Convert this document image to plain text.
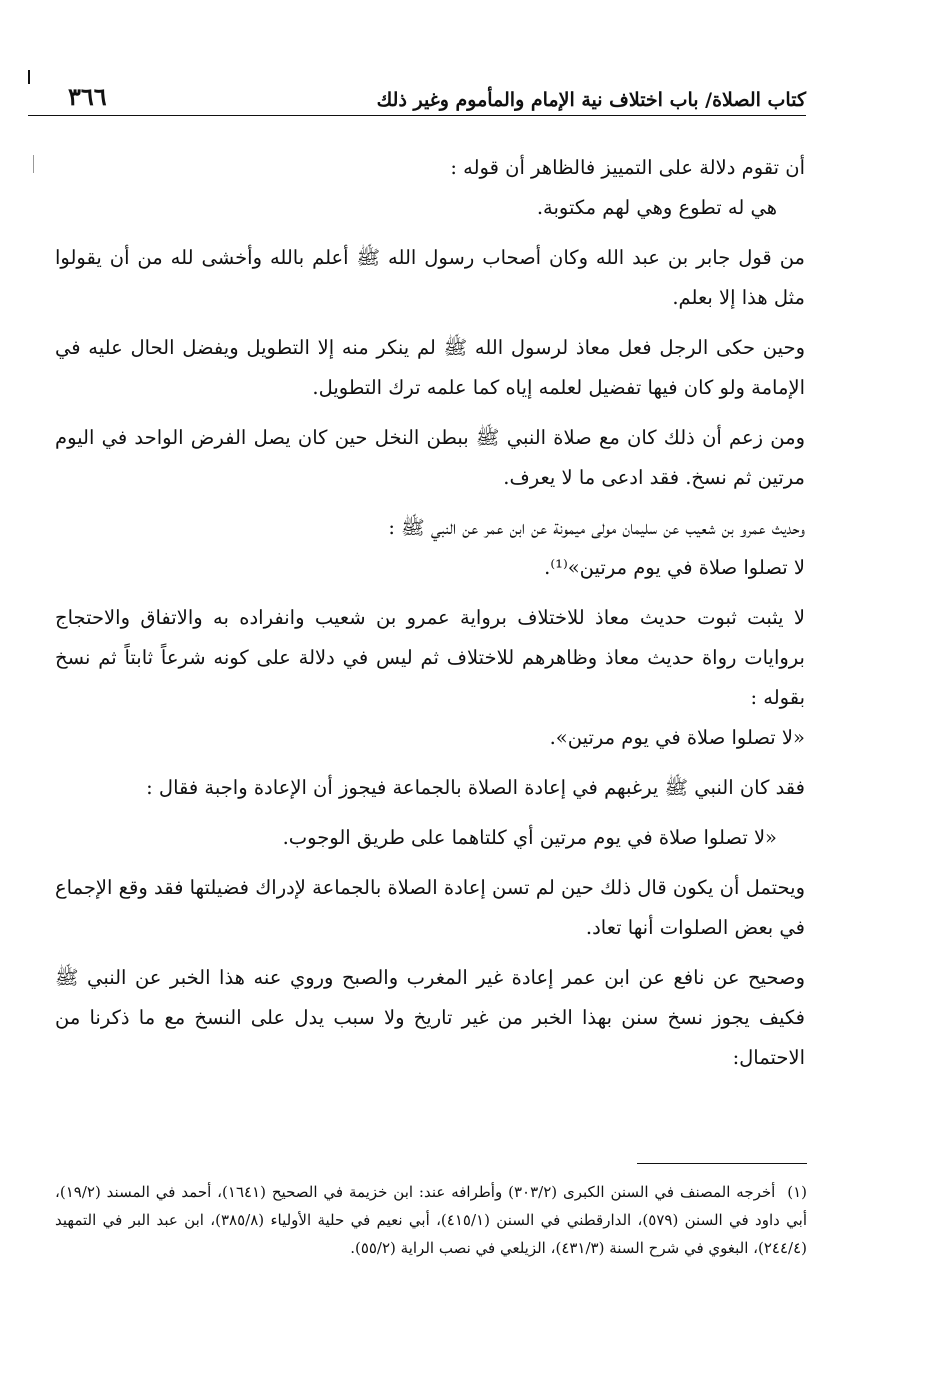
كتاب الصلاة/ باب اختلاف نية الإمام والمأموم وغير ذلك
٣٦٦

أن تقوم دلالة على التمييز فالظاهر أن قوله :

هي له تطوع وهي لهم مكتوبة.

من قول جابر بن عبد الله وكان أصحاب رسول الله ﷺ أعلم بالله وأخشى لله من أن يقولوا مثل هذا إلا بعلم.

وحين حكى الرجل فعل معاذ لرسول الله ﷺ لم ينكر منه إلا التطويل ويفضل الحال عليه في الإمامة ولو كان فيها تفضيل لعلمه إياه كما علمه ترك التطويل.

ومن زعم أن ذلك كان مع صلاة النبي ﷺ ببطن النخل حين كان يصل الفرض الواحد في اليوم مرتين ثم نسخ. فقد ادعى ما لا يعرف.

وحديث عمرو بن شعيب عن سليمان مولى ميمونة عن ابن عمر عن النبي ﷺ :

لا تصلوا صلاة في يوم مرتين»⁽¹⁾.

لا يثبت ثبوت حديث معاذ للاختلاف برواية عمرو بن شعيب وانفراده به والاتفاق والاحتجاج بروايات رواة حديث معاذ وظاهرهم للاختلاف ثم ليس في دلالة على كونه شرعاً ثابتاً ثم نسخ بقوله :

«لا تصلوا صلاة في يوم مرتين».

فقد كان النبي ﷺ يرغبهم في إعادة الصلاة بالجماعة فيجوز أن الإعادة واجبة فقال :

«لا تصلوا صلاة في يوم مرتين أي كلتاهما على طريق الوجوب.

ويحتمل أن يكون قال ذلك حين لم تسن إعادة الصلاة بالجماعة لإدراك فضيلتها فقد وقع الإجماع في بعض الصلوات أنها تعاد.

وصحيح عن نافع عن ابن عمر إعادة غير المغرب والصبح وروي عنه هذا الخبر عن النبي ﷺ فكيف يجوز نسخ سنن بهذا الخبر من غير تاريخ ولا سبب يدل على النسخ مع ما ذكرنا من الاحتمال:

(١) أخرجه المصنف في السنن الكبرى (٣٠٣/٢) وأطرافه عند: ابن خزيمة في الصحيح (١٦٤١)، أحمد في المسند (١٩/٢)، أبي داود في السنن (٥٧٩)، الدارقطني في السنن (٤١٥/١)، أبي نعيم في حلية الأولياء (٣٨٥/٨)، ابن عبد البر في التمهيد (٢٤٤/٤)، البغوي في شرح السنة (٤٣١/٣)، الزيلعي في نصب الراية (٥٥/٢).
